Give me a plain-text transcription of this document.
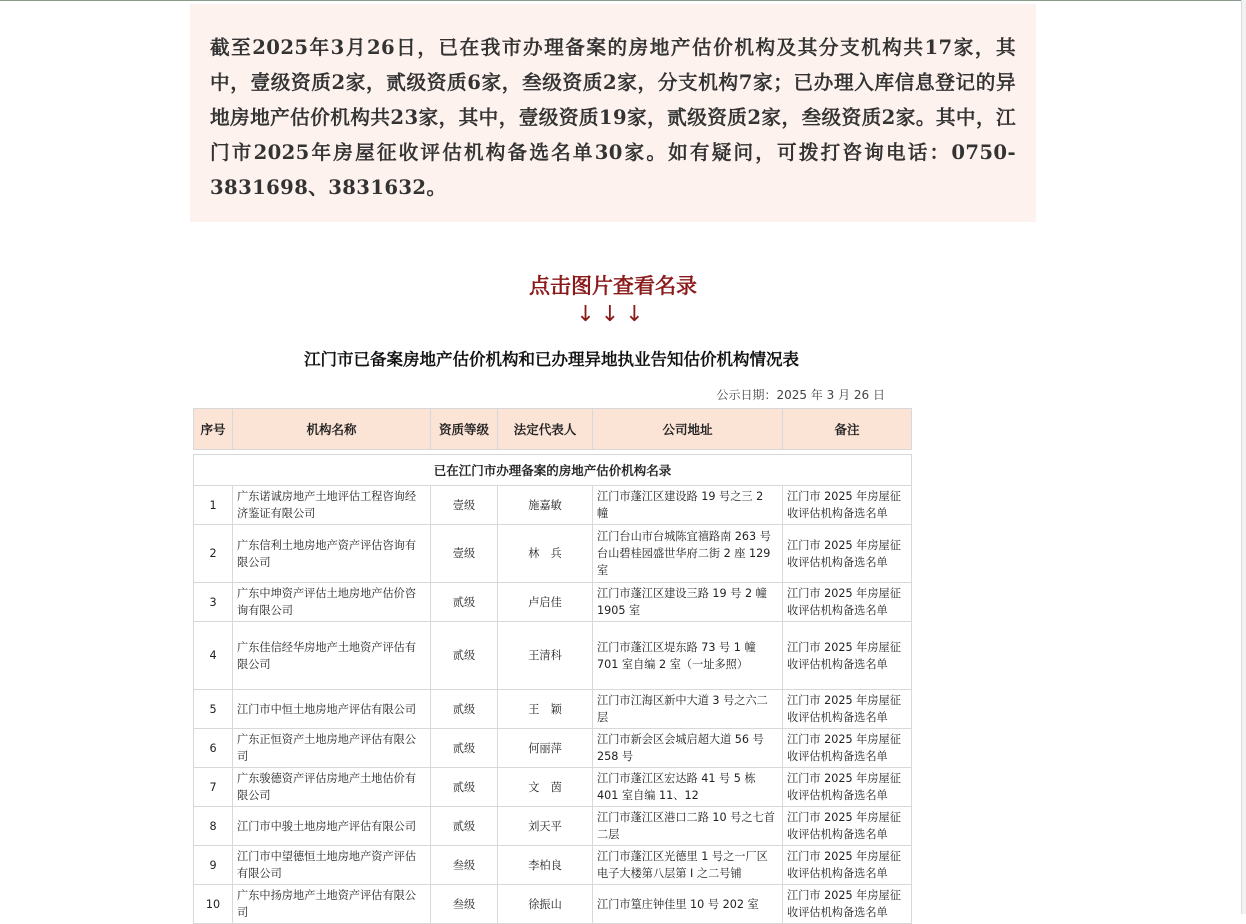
截至2025年3月26日，已在我市办理备案的房地产估价机构及其分支机构共17家，其中，壹级资质2家，贰级资质6家，叁级资质2家，分支机构7家；已办理入库信息登记的异地房地产估价机构共23家，其中，壹级资质19家，贰级资质2家，叁级资质2家。其中，江门市2025年房屋征收评估机构备选名单30家。如有疑问，可拨打咨询电话：0750-3831698、3831632。

点击图片查看名录
↓↓↓
江门市已备案房地产估价机构和已办理异地执业告知估价机构情况表
公示日期：2025 年 3 月 26 日
序号	机构名称	资质等级	法定代表人	公司地址	备注

已在江门市办理备案的房地产估价机构名录					
1	广东诺诚房地产土地评估工程咨询经济鉴证有限公司	壹级	施嘉敏	江门市蓬江区建设路 19 号之三 2 幢	江门市 2025 年房屋征收评估机构备选名单
2	广东信利土地房地产资产评估咨询有限公司	壹级	林　兵	江门台山市台城陈宜禧路南 263 号台山碧桂园盛世华府二街 2 座 129 室	江门市 2025 年房屋征收评估机构备选名单
3	广东中坤资产评估土地房地产估价咨询有限公司	贰级	卢启佳	江门市蓬江区建设三路 19 号 2 幢 1905 室	江门市 2025 年房屋征收评估机构备选名单
4	广东佳信经华房地产土地资产评估有限公司	贰级	王清科	江门市蓬江区堤东路 73 号 1 幢 701 室自编 2 室（一址多照）	江门市 2025 年房屋征收评估机构备选名单
5	江门市中恒土地房地产评估有限公司	贰级	王　颖	江门市江海区新中大道 3 号之六二层	江门市 2025 年房屋征收评估机构备选名单
6	广东正恒资产土地房地产评估有限公司	贰级	何丽萍	江门市新会区会城启超大道 56 号 258 号	江门市 2025 年房屋征收评估机构备选名单
7	广东骏德资产评估房地产土地估价有限公司	贰级	文　茵	江门市蓬江区宏达路 41 号 5 栋 401 室自编 11、12	江门市 2025 年房屋征收评估机构备选名单
8	江门市中骏土地房地产评估有限公司	贰级	刘天平	江门市蓬江区港口二路 10 号之七首二层	江门市 2025 年房屋征收评估机构备选名单
9	江门市中望德恒土地房地产资产评估有限公司	叁级	李柏良	江门市蓬江区光德里 1 号之一厂区电子大楼第八层第 I 之二号铺	江门市 2025 年房屋征收评估机构备选名单
10	广东中扬房地产土地资产评估有限公司	叁级	徐振山	江门市篁庄钟佳里 10 号 202 室	江门市 2025 年房屋征收评估机构备选名单
